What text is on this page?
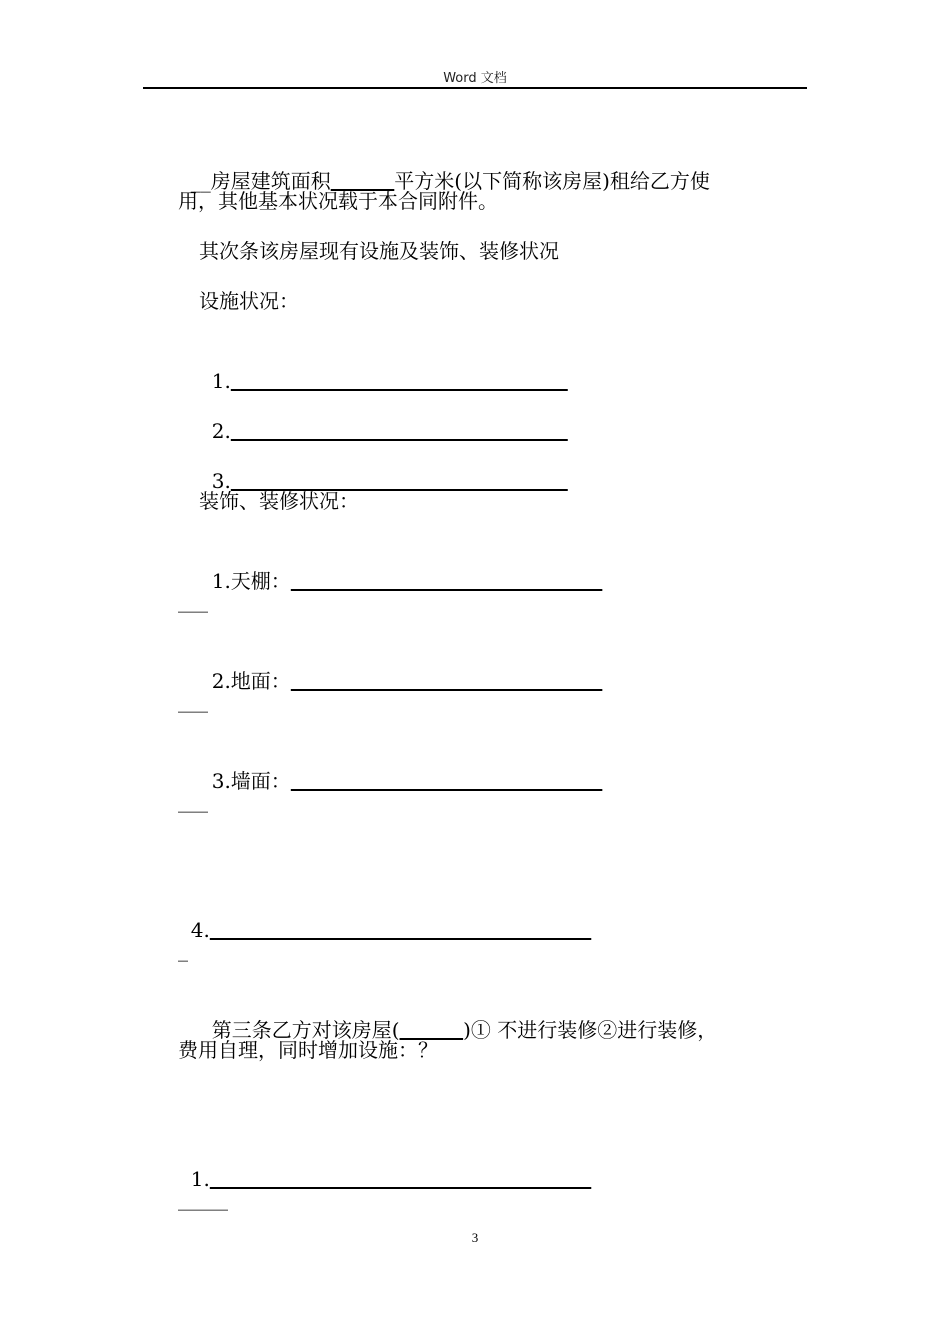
Word 文档

__房屋建筑面积	平方米(以下简称该房屋)租给乙方使

用，其他基本状况载于本合同附件。
其次条该房屋现有设施及装饰、装修状况
设施状况：

1.

2.

3.

装饰、装修状况：

1.天棚：

___

2.地面：

___

3.墙面：

___

4.

_

第三条乙方对该房屋(	)① 不进行装修②进行装修，

费用自理，同时增加设施：？

1.

_____
3
